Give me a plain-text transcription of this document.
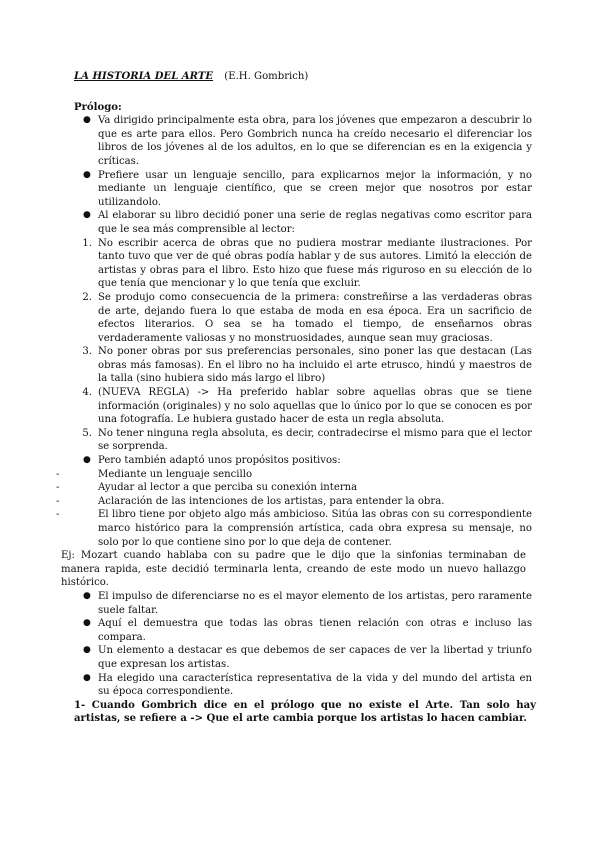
LA HISTORIA DEL ARTE (E.H. Gombrich)

Prólogo:

● Va dirigido principalmente esta obra, para los jóvenes que empezaron a descubrir lo que es arte para ellos. Pero Gombrich nunca ha creído necesario el diferenciar los libros de los jóvenes al de los adultos, en lo que se diferencian es en la exigencia y críticas.
● Prefiere usar un lenguaje sencillo, para explicarnos mejor la información, y no mediante un lenguaje científico, que se creen mejor que nosotros por estar utilizandolo.
● Al elaborar su libro decidió poner una serie de reglas negativas como escritor para que le sea más comprensible al lector:
1. No escribir acerca de obras que no pudiera mostrar mediante ilustraciones. Por tanto tuvo que ver de qué obras podía hablar y de sus autores. Limitó la elección de artistas y obras para el libro. Esto hizo que fuese más riguroso en su elección de lo que tenía que mencionar y lo que tenía que excluir.
2. Se produjo como consecuencia de la primera: constreñirse a las verdaderas obras de arte, dejando fuera lo que estaba de moda en esa época. Era un sacrificio de efectos literarios. O sea se ha tomado el tiempo, de enseñarnos obras verdaderamente valiosas y no monstruosidades, aunque sean muy graciosas.
3. No poner obras por sus preferencias personales, sino poner las que destacan (Las obras más famosas). En el libro no ha incluido el arte etrusco, hindú y maestros de la talla (sino hubiera sido más largo el libro)
4. (NUEVA REGLA) -> Ha preferido hablar sobre aquellas obras que se tiene información (originales) y no solo aquellas que lo único por lo que se conocen es por una fotografía. Le hubiera gustado hacer de esta un regla absoluta.
5. No tener ninguna regla absoluta, es decir, contradecirse el mismo para que el lector se sorprenda.
● Pero también adaptó unos propósitos positivos:
-	Mediante un lenguaje sencillo
-	Ayudar al lector a que perciba su conexión interna
-	Aclaración de las intenciones de los artistas, para entender la obra.
-	El libro tiene por objeto algo más ambicioso. Sitúa las obras con su correspondiente marco histórico para la comprensión artística, cada obra expresa su mensaje, no solo por lo que contiene sino por lo que deja de contener.

Ej: Mozart cuando hablaba con su padre que le dijo que la sinfonias terminaban de manera rapida, este decidió terminarla lenta, creando de este modo un nuevo hallazgo histórico.

● El impulso de diferenciarse no es el mayor elemento de los artistas, pero raramente suele faltar.
● Aquí el demuestra que todas las obras tienen relación con otras e incluso las compara.
● Un elemento a destacar es que debemos de ser capaces de ver la libertad y triunfo que expresan los artistas.
● Ha elegido una característica representativa de la vida y del mundo del artista en su época correspondiente.

1- Cuando Gombrich dice en el prólogo que no existe el Arte. Tan solo hay artistas, se refiere a -> Que el arte cambia porque los artistas lo hacen cambiar.
